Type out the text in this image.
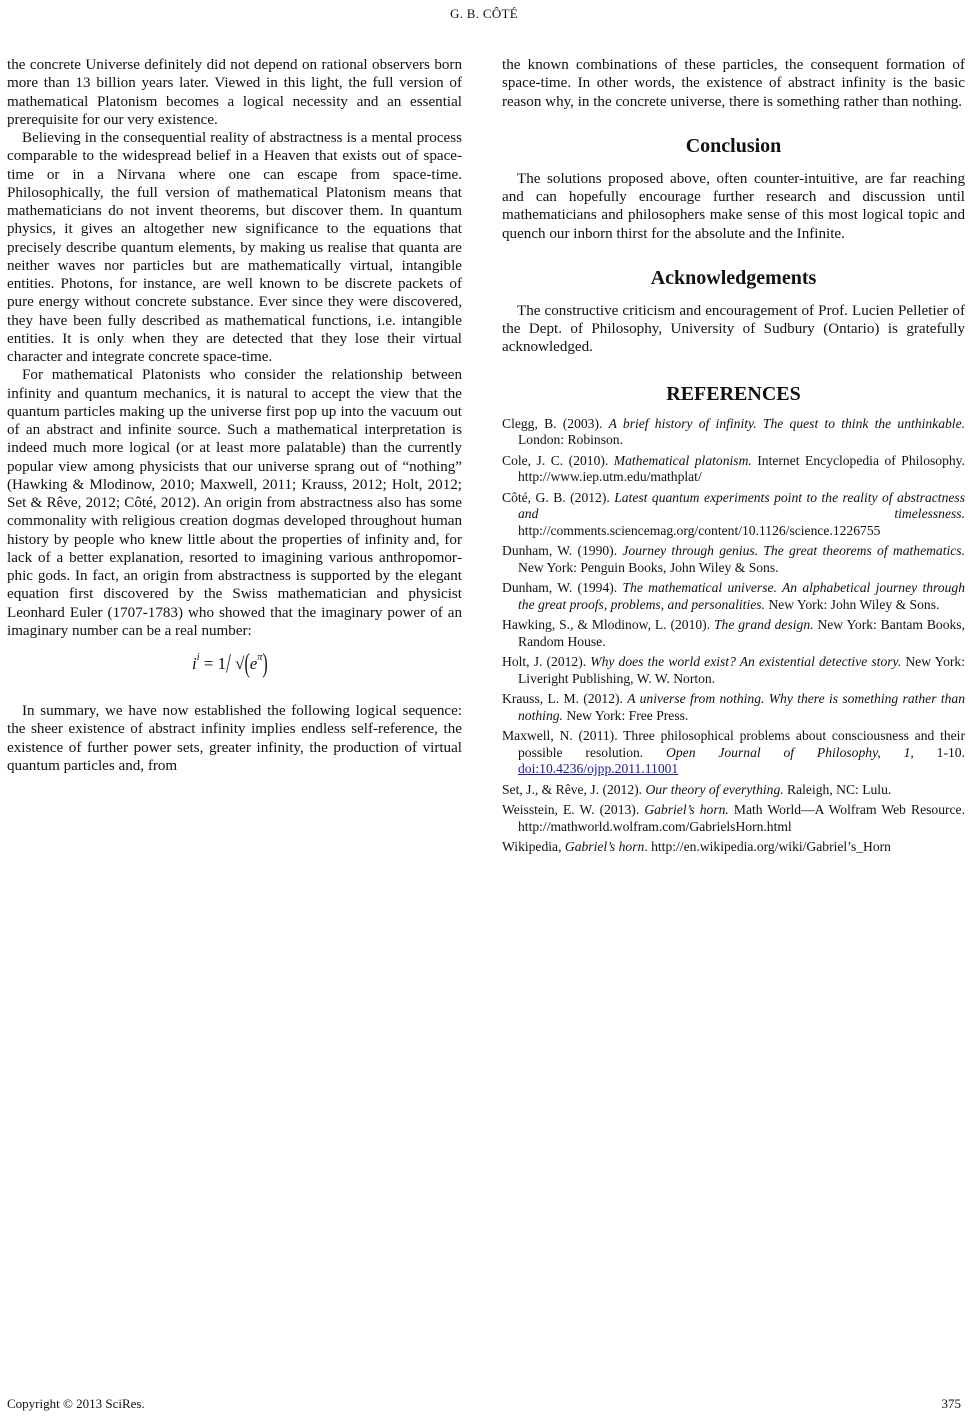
G. B. CÔTÉ

the concrete Universe definitely did not depend on rational observers born more than 13 billion years later. Viewed in this light, the full version of mathematical Platonism becomes a logical necessity and an essential prerequisite for our very existence.

Believing in the consequential reality of abstractness is a mental process comparable to the widespread belief in a Heaven that exists out of space-time or in a Nirvana where one can escape from space-time. Philosophically, the full version of mathematical Platonism means that mathematicians do not invent theorems, but discover them. In quantum physics, it gives an altogether new significance to the equations that precisely describe quantum elements, by making us realise that quanta are neither waves nor particles but are mathematically virtual, intangible entities. Photons, for instance, are well known to be discrete packets of pure energy without concrete substance. Ever since they were discovered, they have been fully described as mathematical functions, i.e. intangible entities. It is only when they are detected that they lose their virtual character and integrate concrete space-time.

For mathematical Platonists who consider the relationship between infinity and quantum mechanics, it is natural to accept the view that the quantum particles making up the universe first pop up into the vacuum out of an abstract and infinite source. Such a mathematical interpretation is indeed much more logical (or at least more palatable) than the currently popular view among physicists that our universe sprang out of “nothing” (Hawking & Mlodinow, 2010; Maxwell, 2011; Krauss, 2012; Holt, 2012; Set & Rêve, 2012; Côté, 2012). An origin from abstractness also has some commonality with religious creation dogmas developed throughout human history by people who knew little about the properties of infinity and, for lack of a better explanation, resorted to imagining various anthropomorphic gods. In fact, an origin from abstractness is supported by the elegant equation first discovered by the Swiss mathematician and physicist Leonhard Euler (1707-1783) who showed that the imaginary power of an imaginary number can be a real number:

$i^i = 1/$ $√(e^\pi)$

In summary, we have now established the following logical sequence: the sheer existence of abstract infinity implies endless self-reference, the existence of further power sets, greater infinity, the production of virtual quantum particles and, from

the known combinations of these particles, the consequent formation of space-time. In other words, the existence of abstract infinity is the basic reason why, in the concrete universe, there is something rather than nothing.

Conclusion

The solutions proposed above, often counter-intuitive, are far reaching and can hopefully encourage further research and discussion until mathematicians and philosophers make sense of this most logical topic and quench our inborn thirst for the absolute and the Infinite.

Acknowledgements

The constructive criticism and encouragement of Prof. Lucien Pelletier of the Dept. of Philosophy, University of Sudbury (Ontario) is gratefully acknowledged.

REFERENCES

Clegg, B. (2003). A brief history of infinity. The quest to think the unthinkable. London: Robinson.

Cole, J. C. (2010). Mathematical platonism. Internet Encyclopedia of Philosophy. http://www.iep.utm.edu/mathplat/

Côté, G. B. (2012). Latest quantum experiments point to the reality of abstractness and timelessness. http://comments.sciencemag.org/content/10.1126/science.1226755

Dunham, W. (1990). Journey through genius. The great theorems of mathematics. New York: Penguin Books, John Wiley & Sons.

Dunham, W. (1994). The mathematical universe. An alphabetical journey through the great proofs, problems, and personalities. New York: John Wiley & Sons.

Hawking, S., & Mlodinow, L. (2010). The grand design. New York: Bantam Books, Random House.

Holt, J. (2012). Why does the world exist? An existential detective story. New York: Liveright Publishing, W. W. Norton.

Krauss, L. M. (2012). A universe from nothing. Why there is something rather than nothing. New York: Free Press.

Maxwell, N. (2011). Three philosophical problems about consciousness and their possible resolution. Open Journal of Philosophy, 1, 1-10. doi:10.4236/ojpp.2011.11001

Set, J., & Rêve, J. (2012). Our theory of everything. Raleigh, NC: Lulu.

Weisstein, E. W. (2013). Gabriel’s horn. Math World—A Wolfram Web Resource. http://mathworld.wolfram.com/GabrielsHorn.html

Wikipedia, Gabriel’s horn. http://en.wikipedia.org/wiki/Gabriel’s_Horn

Copyright © 2013 SciRes.	375
